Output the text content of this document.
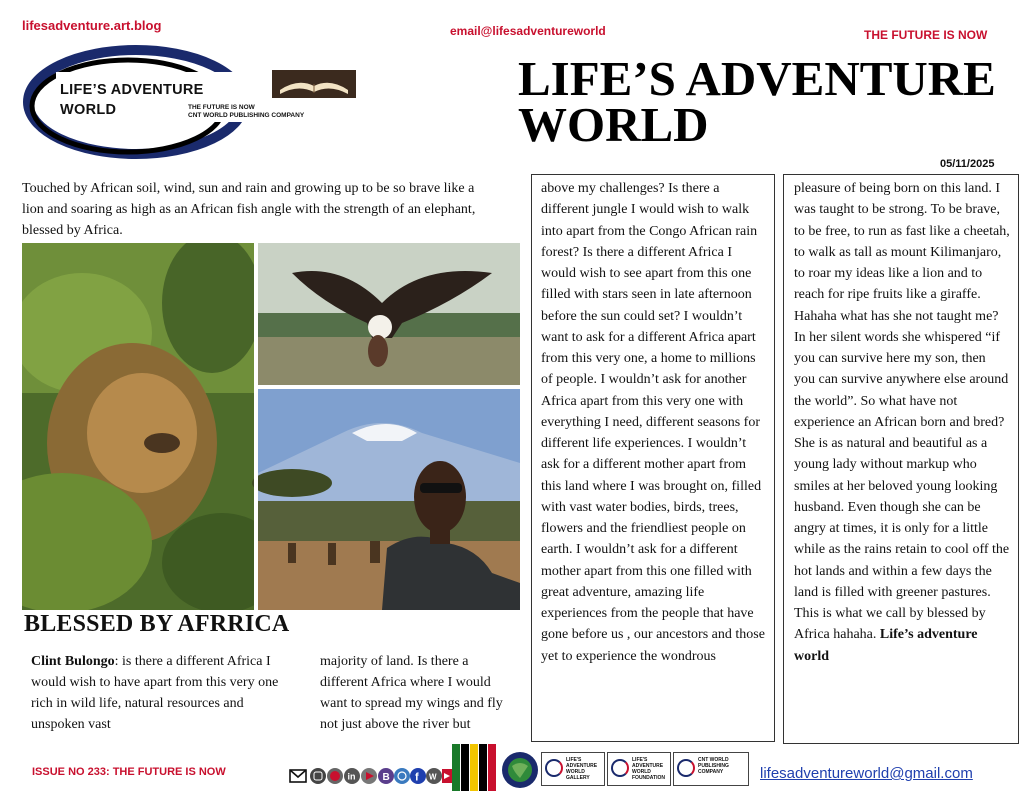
lifesadventure.art.blog	email@lifesadventureworld	THE FUTURE IS NOW
LIFE’S ADVENTURE
WORLD	THE FUTURE IS NOW
CNT WORLD PUBLISHING COMPANY
LIFE’S ADVENTURE WORLD
05/11/2025
Touched by African soil, wind, sun and rain and growing up to be so brave like a lion and soaring as high as an African fish angle with the strength of an elephant, blessed by Africa.
BLESSED BY AFRRICA
Clint Bulongo: is there a different Africa I would wish to have apart from this very one rich in wild life, natural resources and unspoken vast
majority of land. Is there a different Africa where I would want to spread my wings and fly not just above the river but
above my challenges? Is there a different jungle I would wish to walk into apart from the Congo African rain forest? Is there a different Africa I would wish to see apart from this one filled with stars seen in late afternoon before the sun could set? I wouldn’t want to ask for a different Africa apart from this very one, a home to millions of people. I wouldn’t ask for another Africa apart from this very one with everything I need, different seasons for different life experiences. I wouldn’t ask for a different mother apart from this land where I was brought on, filled with vast water bodies, birds, trees, flowers and the friendliest people on earth. I wouldn’t ask for a different mother apart from this one filled with great adventure, amazing life experiences from the people that have gone before us , our ancestors and those yet to experience the wondrous
pleasure of being born on this land. I was taught to be strong. To be brave, to be free, to run as fast like a cheetah, to walk as tall as mount Kilimanjaro, to roar my ideas like a lion and to reach for ripe fruits like a giraffe. Hahaha what has she not taught me? In her silent words she whispered “if you can survive here my son, then you can survive anywhere else around the world”. So what have not experience an African born and bred? She is as natural and beautiful as a young lady without markup who smiles at her beloved young looking husband. Even though she can be angry at times, it is only for a little while as the rains retain to cool off the hot lands and within a few days the land is filled with greener pastures. This is what we call by blessed by Africa hahaha. Life’s adventure world
ISSUE NO 233: THE FUTURE IS NOW	in	B f W
LIFE'S ADVENTURE WORLD
GALLERY
LIFE'S ADVENTURE WORLD
FOUNDATION
CNT WORLD
PUBLISHING COMPANY	lifesadventureworld@gmail.com
